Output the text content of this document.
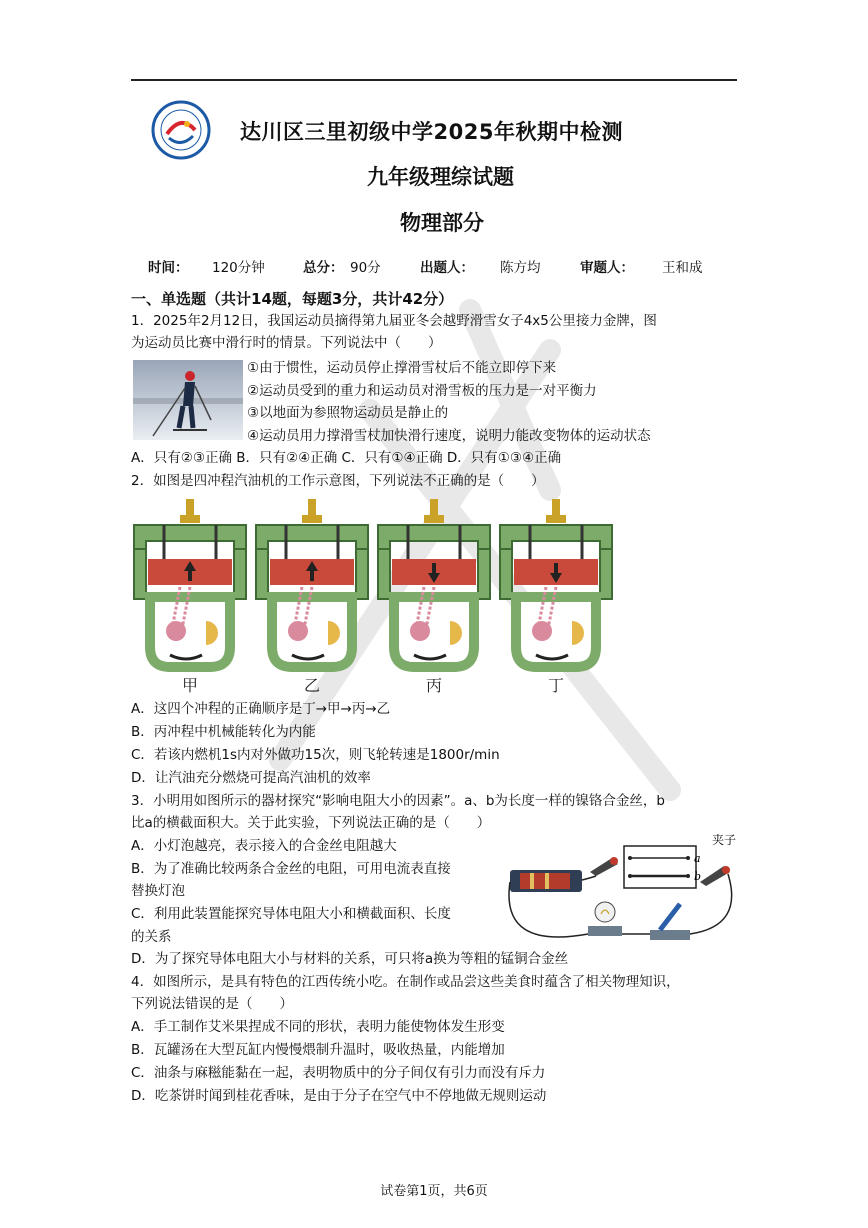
达川区三里初级中学2025年秋期中检测
九年级理综试题
物理部分
时间： 120分钟	总分： 90分	出题人： 陈方均	审题人： 王和成
一、单选题（共计14题，每题3分，共计42分）
1．2025年2月12日，我国运动员摘得第九届亚冬会越野滑雪女子4x5公里接力金牌，图
为运动员比赛中滑行时的情景。下列说法中（　　）
①由于惯性，运动员停止撑滑雪杖后不能立即停下来
②运动员受到的重力和运动员对滑雪板的压力是一对平衡力
③以地面为参照物运动员是静止的
④运动员用力撑滑雪杖加快滑行速度，说明力能改变物体的运动状态
A．只有②③正确 B．只有②④正确 C．只有①④正确 D．只有①③④正确
2．如图是四冲程汽油机的工作示意图，下列说法不正确的是（　　）
甲	乙	丙	丁
A．这四个冲程的正确顺序是丁→甲→丙→乙
B．丙冲程中机械能转化为内能
C．若该内燃机1s内对外做功15次，则飞轮转速是1800r/min
D．让汽油充分燃烧可提高汽油机的效率
3．小明用如图所示的器材探究“影响电阻大小的因素”。a、b为长度一样的镍铬合金丝，b
比a的横截面积大。关于此实验，下列说法正确的是（　　）
A．小灯泡越亮，表示接入的合金丝电阻越大
B．为了准确比较两条合金丝的电阻，可用电流表直接
替换灯泡
C．利用此装置能探究导体电阻大小和横截面积、长度
的关系
a
b
夹子
D．为了探究导体电阻大小与材料的关系，可只将a换为等粗的锰铜合金丝
4．如图所示，是具有特色的江西传统小吃。在制作或品尝这些美食时蕴含了相关物理知识，
下列说法错误的是（　　）
A．手工制作艾米果捏成不同的形状，表明力能使物体发生形变
B．瓦罐汤在大型瓦缸内慢慢煨制升温时，吸收热量，内能增加
C．油条与麻糍能黏在一起，表明物质中的分子间仅有引力而没有斥力
D．吃茶饼时闻到桂花香味，是由于分子在空气中不停地做无规则运动
试卷第1页，共6页
